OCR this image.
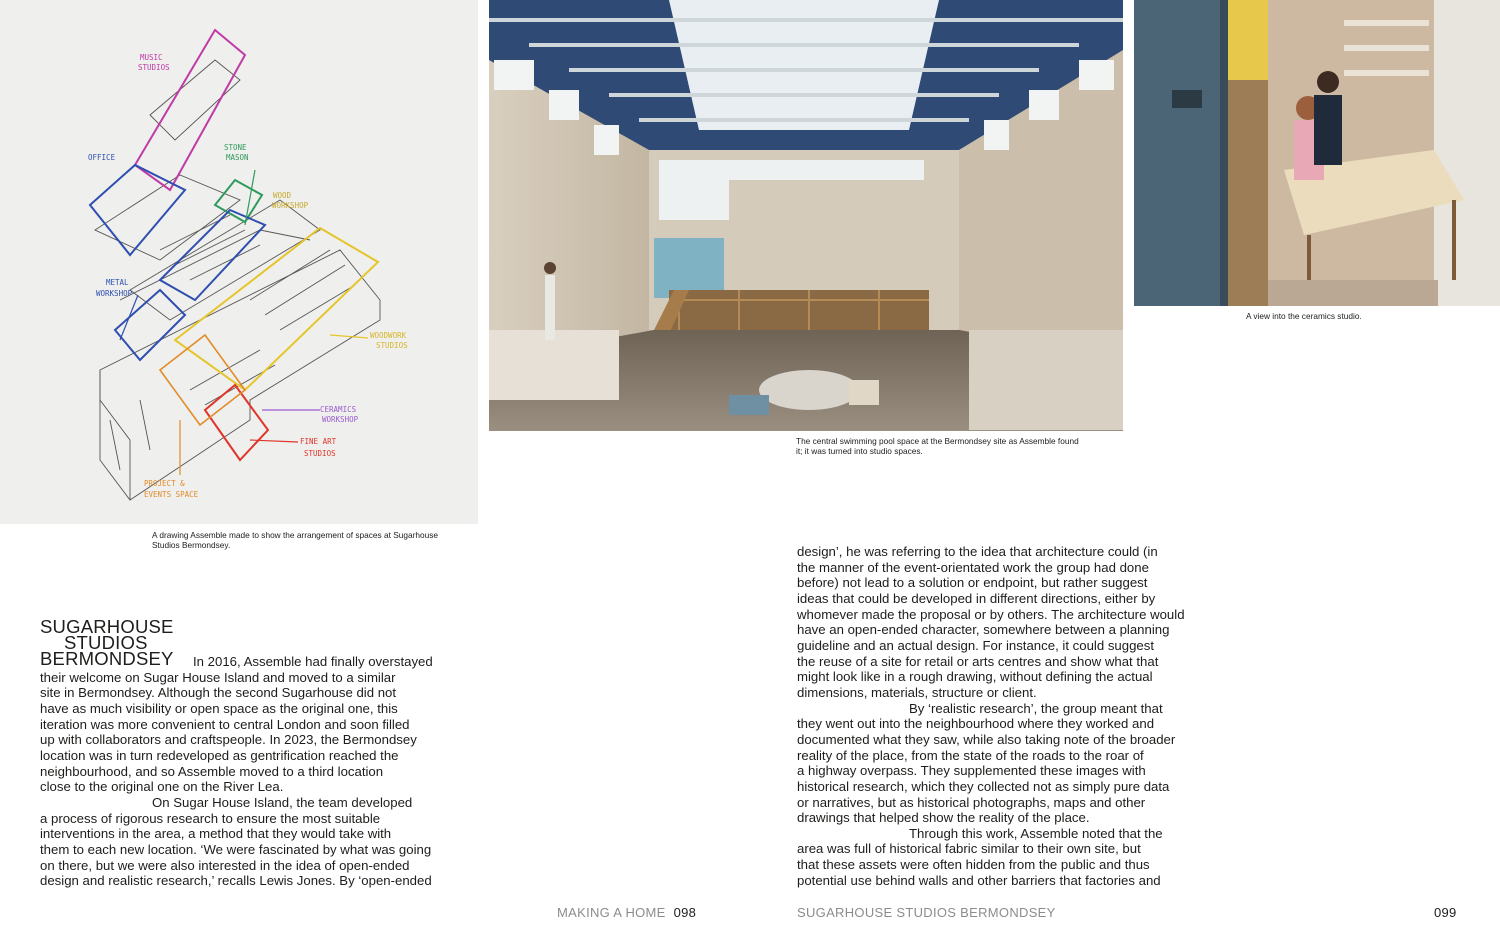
MUSIC
STUDIOS
OFFICE
STONE
MASON
WOOD
WORKSHOP
METAL
WORKSHOP
WOODWORK
STUDIOS
CERAMICS
WORKSHOP
FINE ART
STUDIOS
PROJECT &
EVENTS SPACE
A drawing Assemble made to show the arrangement of spaces at Sugarhouse
Studios Bermondsey.
The central swimming pool space at the Bermondsey site as Assemble found
it; it was turned into studio spaces.
A view into the ceramics studio.
SUGARHOUSE
STUDIOS
BERMONDSEY	In 2016, Assemble had finally overstayed
their welcome on Sugar House Island and moved to a similar
site in Bermondsey. Although the second Sugarhouse did not
have as much visibility or open space as the original one, this
iteration was more convenient to central London and soon filled
up with collaborators and craftspeople. In 2023, the Bermondsey
location was in turn redeveloped as gentrification reached the
neighbourhood, and so Assemble moved to a third location
close to the original one on the River Lea.
On Sugar House Island, the team developed
a process of rigorous research to ensure the most suitable
interventions in the area, a method that they would take with
them to each new location. ‘We were fascinated by what was going
on there, but we were also interested in the idea of open-ended
design and realistic research,’ recalls Lewis Jones. By ‘open-ended
design’, he was referring to the idea that architecture could (in
the manner of the event-orientated work the group had done
before) not lead to a solution or endpoint, but rather suggest
ideas that could be developed in different directions, either by
whomever made the proposal or by others. The architecture would
have an open-ended character, somewhere between a planning
guideline and an actual design. For instance, it could suggest
the reuse of a site for retail or arts centres and show what that
might look like in a rough drawing, without defining the actual
dimensions, materials, structure or client.
By ‘realistic research’, the group meant that
they went out into the neighbourhood where they worked and
documented what they saw, while also taking note of the broader
reality of the place, from the state of the roads to the roar of
a highway overpass. They supplemented these images with
historical research, which they collected not as simply pure data
or narratives, but as historical photographs, maps and other
drawings that helped show the reality of the place.
Through this work, Assemble noted that the
area was full of historical fabric similar to their own site, but
that these assets were often hidden from the public and thus
potential use behind walls and other barriers that factories and
MAKING A HOME 098	SUGARHOUSE STUDIOS BERMONDSEY	099
